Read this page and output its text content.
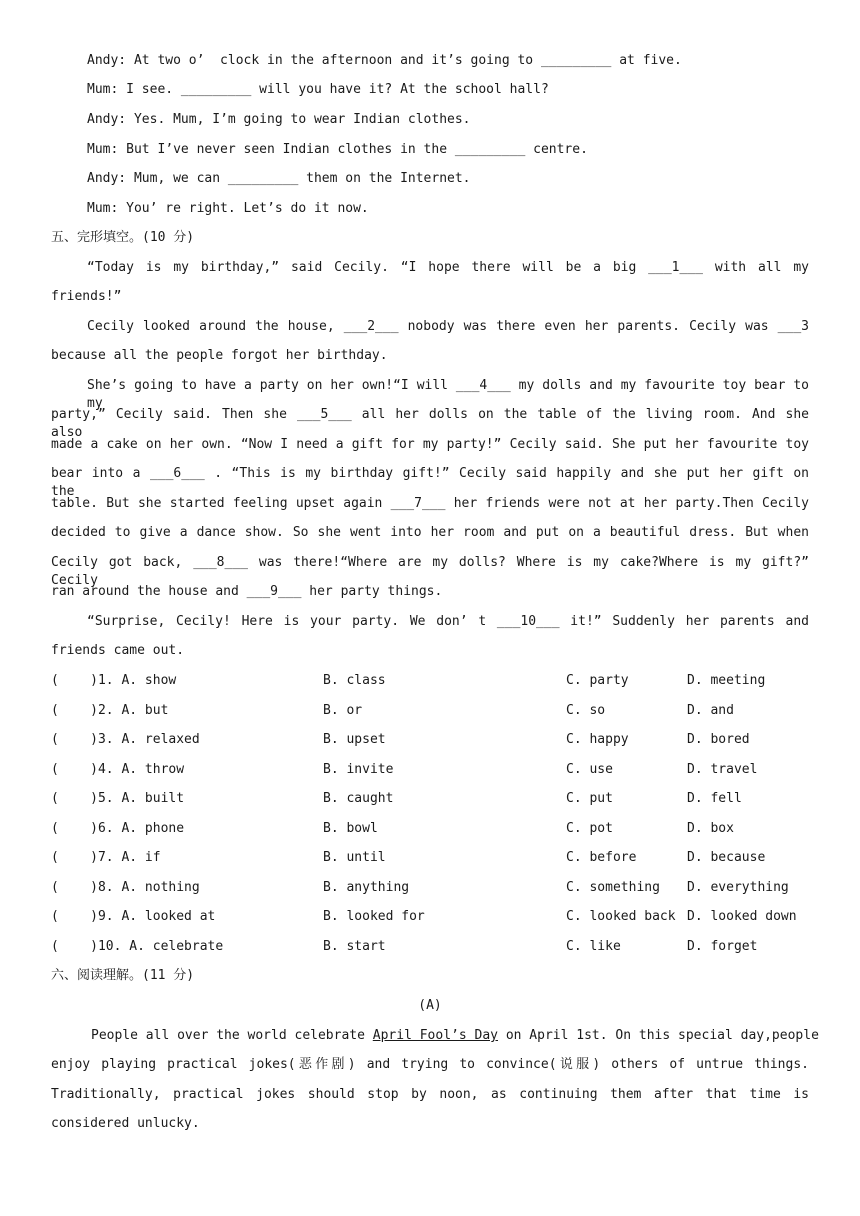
Andy: At two o’  clock in the afternoon and it’s going to _________ at five.
Mum: I see. _________ will you have it? At the school hall?
Andy: Yes. Mum, I’m going to wear Indian clothes.
Mum: But I’ve never seen Indian clothes in the _________ centre.
Andy: Mum, we can _________ them on the Internet.
Mum: You’ re right. Let’s do it now.
五、完形填空。(10 分)
“Today is my birthday,” said Cecily. “I hope there will be a big ___1___ with all my
friends!”
Cecily looked around the house, ___2___ nobody was there even her parents. Cecily was ___3
because all the people forgot her birthday.
She’s going to have a party on her own!“I will ___4___ my dolls and my favourite toy bear to my
party,” Cecily said. Then she ___5___ all her dolls on the table of the living room. And she also
made a cake on her own. “Now I need a gift for my party!” Cecily said. She put her favourite toy
bear into a ___6___ . “This is my birthday gift!” Cecily said happily and she put her gift on the
table. But she started feeling upset again ___7___ her friends were not at her party.Then Cecily
decided to give a dance show. So she went into her room and put on a beautiful dress. But when
Cecily got back, ___8___ was there!“Where are my dolls? Where is my cake?Where is my gift?” Cecily
ran around the house and ___9___ her party things.
“Surprise, Cecily! Here is your party. We don’ t ___10___ it!” Suddenly her parents and
friends came out.
(    )1. A. show	B. class	C. party	D. meeting
(    )2. A. but	B. or	C. so	D. and
(    )3. A. relaxed	B. upset	C. happy	D. bored
(    )4. A. throw	B. invite	C. use	D. travel
(    )5. A. built	B. caught	C. put	D. fell
(    )6. A. phone	B. bowl	C. pot	D. box
(    )7. A. if	B. until	C. before	D. because
(    )8. A. nothing	B. anything	C. something D. everything
(    )9. A. looked at	B. looked for	C. looked back D. looked down
(    )10. A. celebrate	B. start	C. like	D. forget
六、阅读理解。(11 分)
(A)
People all over the world celebrate April Fool’s Day on April 1st. On this special day,people
enjoy playing practical jokes(恶作剧) and trying to convince(说服) others of untrue things.
Traditionally, practical jokes should stop by noon, as continuing them after that time is
considered unlucky.
